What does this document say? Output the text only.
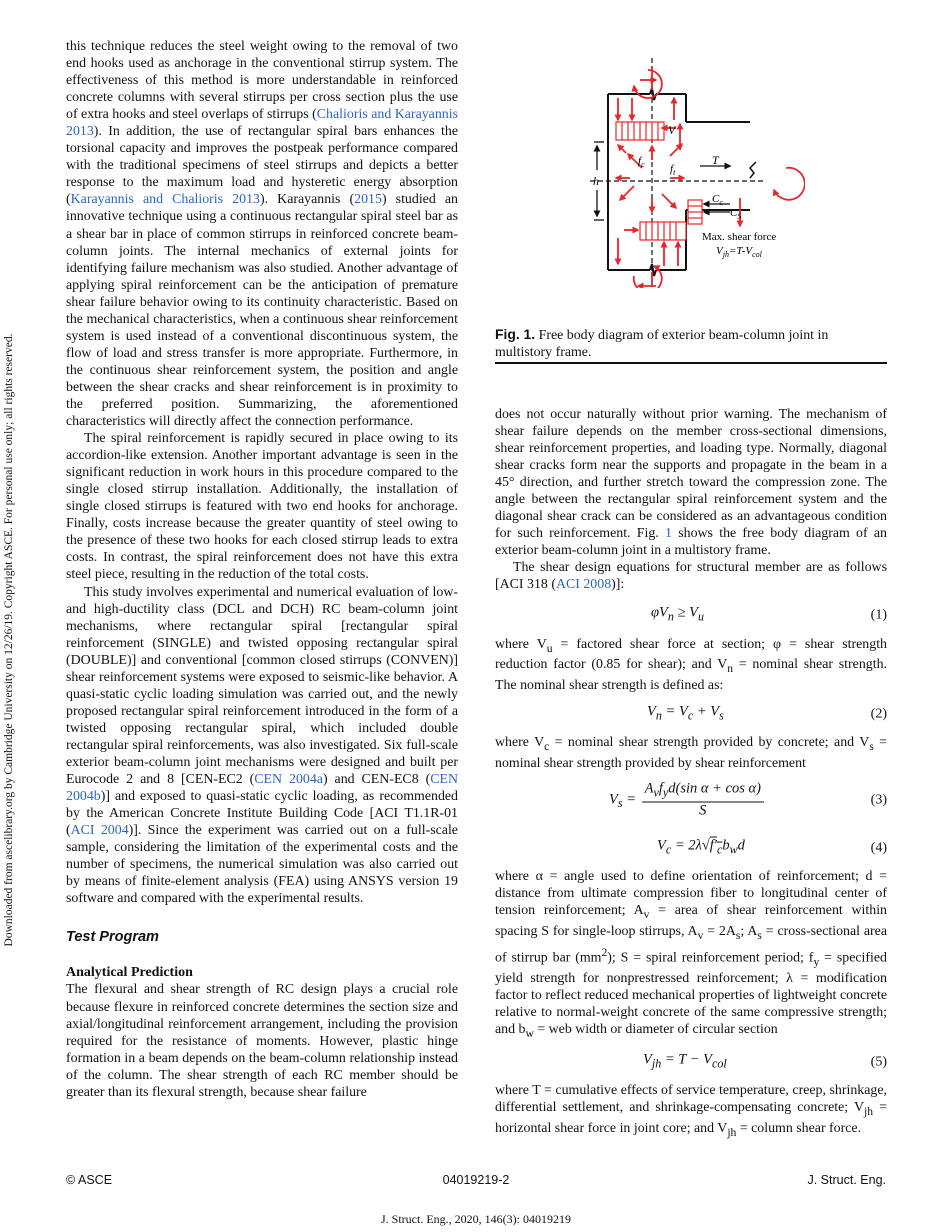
Downloaded from ascelibrary.org by Cambridge University on 12/26/19. Copyright ASCE. For personal use only; all rights reserved.

this technique reduces the steel weight owing to the removal of two end hooks used as anchorage in the conventional stirrup system. The effectiveness of this method is more understandable in reinforced concrete columns with several stirrups per cross section plus the use of extra hooks and steel overlaps of stirrups (Chalioris and Karayannis 2013). In addition, the use of rectangular spiral bars enhances the torsional capacity and improves the postpeak performance compared with the traditional specimens of steel stirrups and depicts a better response to the maximum load and hysteretic energy absorption (Karayannis and Chalioris 2013). Karayannis (2015) studied an innovative technique using a continuous rectangular spiral steel bar as a shear bar in place of common stirrups in reinforced concrete beam-column joints. The internal mechanics of external joints for identifying failure mechanism was also studied. Another advantage of applying spiral reinforcement can be the anticipation of premature shear failure behavior owing to its continuity characteristic. Based on the mechanical characteristics, when a continuous shear reinforcement system is used instead of a conventional discontinuous system, the flow of load and stress transfer is more appropriate. Furthermore, in the continuous shear reinforcement system, the position and angle between the shear cracks and shear reinforcement is in proximity to the preferred position. Summarizing, the aforementioned characteristics will directly affect the connection performance.

The spiral reinforcement is rapidly secured in place owing to its accordion-like extension. Another important advantage is seen in the significant reduction in work hours in this procedure compared to the single closed stirrup installation. Additionally, the installation of single closed stirrups is featured with two end hooks for anchorage. Finally, costs increase because the greater quantity of steel owing to the presence of these two hooks for each closed stirrup leads to extra costs. In contrast, the spiral reinforcement does not have this extra steel piece, resulting in the reduction of the total costs.

This study involves experimental and numerical evaluation of low- and high-ductility class (DCL and DCH) RC beam-column joint mechanisms, where rectangular spiral [rectangular spiral reinforcement (SINGLE) and twisted opposing rectangular spiral (DOUBLE)] and conventional [common closed stirrups (CONVEN)] shear reinforcement systems were exposed to seismic-like behavior. A quasi-static cyclic loading simulation was carried out, and the newly proposed rectangular spiral reinforcement introduced in the form of a twisted opposing rectangular spiral, which included double rectangular spiral reinforcements, was also investigated. Six full-scale exterior beam-column joint mechanisms were designed and built per Eurocode 2 and 8 [CEN-EC2 (CEN 2004a) and CEN-EC8 (CEN 2004b)] and exposed to quasi-static cyclic loading, as recommended by the American Concrete Institute Building Code [ACI T1.1R-01 (ACI 2004)]. Since the experiment was carried out on a full-scale sample, considering the limitation of the experimental costs and the number of specimens, the numerical simulation was also carried out by means of finite-element analysis (FEA) using ANSYS version 19 software and compared with the experimental results.

Test Program
Analytical Prediction

The flexural and shear strength of RC design plays a crucial role because flexure in reinforced concrete determines the section size and axial/longitudinal reinforcement arrangement, including the provision required for the resistance of moments. However, plastic hinge formation in a beam depends on the beam-column relationship instead of the column. The shear strength of each RC member should be greater than its flexural strength, because shear failure

V
T
h
$f_c$ $f_t$
$C_c$
$C_S$
Max. shear force
$V_{jh}=T-V_{col}$
Fig. 1. Free body diagram of exterior beam-column joint in multistory frame.

does not occur naturally without prior warning. The mechanism of shear failure depends on the member cross-sectional dimensions, shear reinforcement properties, and loading type. Normally, diagonal shear cracks form near the supports and propagate in the beam in a 45° direction, and further stretch toward the compression zone. The angle between the rectangular spiral reinforcement system and the diagonal shear crack can be considered as an advantageous condition for such reinforcement. Fig. 1 shows the free body diagram of an exterior beam-column joint in a multistory frame.

The shear design equations for structural member are as follows [ACI 318 (ACI 2008)]:

$\varphi V_n \ge V_u$	(1)

where $V_u$ = factored shear force at section; φ = shear strength reduction factor (0.85 for shear); and $V_n$ = nominal shear strength. The nominal shear strength is defined as:

$V_n = V_c + V_s$	(2)

where $V_c$ = nominal shear strength provided by concrete; and $V_s$ = nominal shear strength provided by shear reinforcement

$V_s = \frac{A_vf_yd(\sin \alpha + \cos \alpha)}{S}$	(3)
$V_c = 2\lambda√f'_cb_wd$	(4)

where α = angle used to define orientation of reinforcement; d = distance from ultimate compression fiber to longitudinal center of tension reinforcement; $A_v$ = area of shear reinforcement within spacing S for single-loop stirrups, $A_v = 2A_s$; $A_s$ = cross-sectional area of stirrup bar $(mm^2)$; S = spiral reinforcement period; $f_y$ = specified yield strength for nonprestressed reinforcement; λ = modification factor to reflect reduced mechanical properties of lightweight concrete relative to normal-weight concrete of the same compressive strength; and $b_w$ = web width or diameter of circular section

$V_{jh} = T - V_{col}$	(5)

where T = cumulative effects of service temperature, creep, shrinkage, differential settlement, and shrinkage-compensating concrete; $V_{jh}$ = horizontal shear force in joint core; and $V_{jh}$ = column shear force.

© ASCE	04019219-2	J. Struct. Eng.
J. Struct. Eng., 2020, 146(3): 04019219
